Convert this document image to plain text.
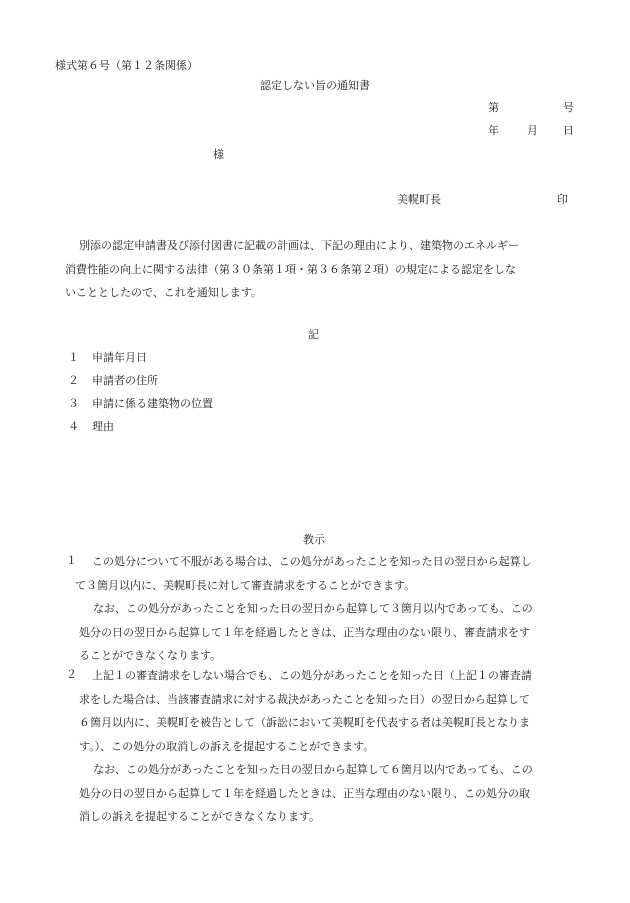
様式第６号（第１２条関係）
認定しない旨の通知書
第	号
年	月 日
様
美幌町長	印

別添の認定申請書及び添付図書に記載の計画は、下記の理由により、建築物のエネルギー

消費性能の向上に関する法律（第３０条第１項・第３６条第２項）の規定による認定をしな

いこととしたので、これを通知します。

記
１ 申請年月日
２ 申請者の住所
３ 申請に係る建築物の位置
４ 理由
教示
１ この処分について不服がある場合は、この処分があったことを知った日の翌日から起算し

て３箇月以内に、美幌町長に対して審査請求をすることができます。

なお、この処分があったことを知った日の翌日から起算して３箇月以内であっても、この

処分の日の翌日から起算して１年を経過したときは、正当な理由のない限り、審査請求をす

ることができなくなります。

２ 上記１の審査請求をしない場合でも、この処分があったことを知った日（上記１の審査請

求をした場合は、当該審査請求に対する裁決があったことを知った日）の翌日から起算して

６箇月以内に、美幌町を被告として（訴訟において美幌町を代表する者は美幌町長となりま

す。）、この処分の取消しの訴えを提起することができます。

なお、この処分があったことを知った日の翌日から起算して６箇月以内であっても、この

処分の日の翌日から起算して１年を経過したときは、正当な理由のない限り、この処分の取

消しの訴えを提起することができなくなります。
